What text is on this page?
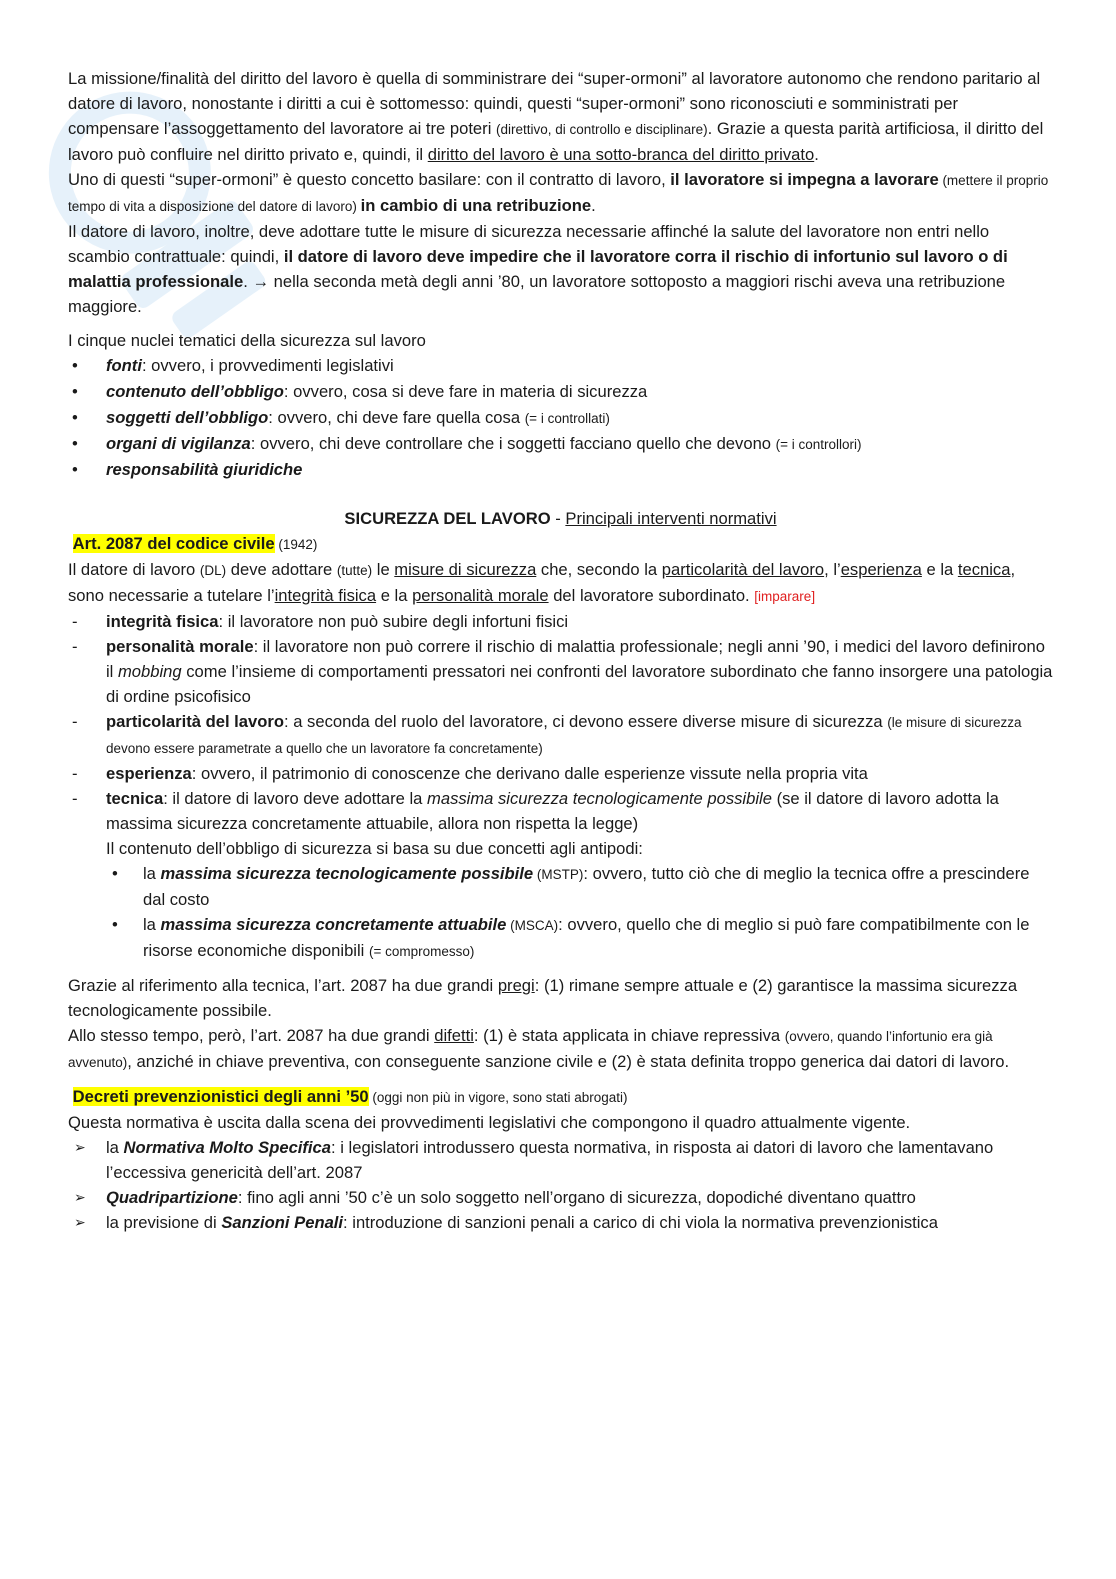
La missione/finalità del diritto del lavoro è quella di somministrare dei “super-ormoni” al lavoratore autonomo che rendono paritario al datore di lavoro, nonostante i diritti a cui è sottomesso: quindi, questi “super-ormoni” sono riconosciuti e somministrati per compensare l’assoggettamento del lavoratore ai tre poteri (direttivo, di controllo e disciplinare). Grazie a questa parità artificiosa, il diritto del lavoro può confluire nel diritto privato e, quindi, il diritto del lavoro è una sotto-branca del diritto privato.

Uno di questi “super-ormoni” è questo concetto basilare: con il contratto di lavoro, il lavoratore si impegna a lavorare (mettere il proprio tempo di vita a disposizione del datore di lavoro) in cambio di una retribuzione.

Il datore di lavoro, inoltre, deve adottare tutte le misure di sicurezza necessarie affinché la salute del lavoratore non entri nello scambio contrattuale: quindi, il datore di lavoro deve impedire che il lavoratore corra il rischio di infortunio sul lavoro o di malattia professionale. → nella seconda metà degli anni ’80, un lavoratore sottoposto a maggiori rischi aveva una retribuzione maggiore.

I cinque nuclei tematici della sicurezza sul lavoro

• fonti: ovvero, i provvedimenti legislativi
• contenuto dell’obbligo: ovvero, cosa si deve fare in materia di sicurezza
• soggetti dell’obbligo: ovvero, chi deve fare quella cosa (= i controllati)
• organi di vigilanza: ovvero, chi deve controllare che i soggetti facciano quello che devono (= i controllori)
• responsabilità giuridiche

SICUREZZA DEL LAVORO - Principali interventi normativi

Art. 2087 del codice civile (1942)

Il datore di lavoro (DL) deve adottare (tutte) le misure di sicurezza che, secondo la particolarità del lavoro, l’esperienza e la tecnica, sono necessarie a tutelare l’integrità fisica e la personalità morale del lavoratore subordinato. [imparare]

- integrità fisica: il lavoratore non può subire degli infortuni fisici
- personalità morale: il lavoratore non può correre il rischio di malattia professionale; negli anni ’90, i medici del lavoro definirono il mobbing come l’insieme di comportamenti pressatori nei confronti del lavoratore subordinato che fanno insorgere una patologia di ordine psicofisico
- particolarità del lavoro: a seconda del ruolo del lavoratore, ci devono essere diverse misure di sicurezza (le misure di sicurezza devono essere parametrate a quello che un lavoratore fa concretamente)
- esperienza: ovvero, il patrimonio di conoscenze che derivano dalle esperienze vissute nella propria vita
- tecnica: il datore di lavoro deve adottare la massima sicurezza tecnologicamente possibile (se il datore di lavoro adotta la massima sicurezza concretamente attuabile, allora non rispetta la legge)

Il contenuto dell’obbligo di sicurezza si basa su due concetti agli antipodi:

• la massima sicurezza tecnologicamente possibile (MSTP): ovvero, tutto ciò che di meglio la tecnica offre a prescindere dal costo
• la massima sicurezza concretamente attuabile (MSCA): ovvero, quello che di meglio si può fare compatibilmente con le risorse economiche disponibili (= compromesso)

Grazie al riferimento alla tecnica, l’art. 2087 ha due grandi pregi: (1) rimane sempre attuale e (2) garantisce la massima sicurezza tecnologicamente possibile.

Allo stesso tempo, però, l’art. 2087 ha due grandi difetti: (1) è stata applicata in chiave repressiva (ovvero, quando l’infortunio era già avvenuto), anziché in chiave preventiva, con conseguente sanzione civile e (2) è stata definita troppo generica dai datori di lavoro.

Decreti prevenzionistici degli anni ’50 (oggi non più in vigore, sono stati abrogati)

Questa normativa è uscita dalla scena dei provvedimenti legislativi che compongono il quadro attualmente vigente.

➢ la Normativa Molto Specifica: i legislatori introdussero questa normativa, in risposta ai datori di lavoro che lamentavano l’eccessiva genericità dell’art. 2087
➢ Quadripartizione: fino agli anni ’50 c’è un solo soggetto nell’organo di sicurezza, dopodiché diventano quattro
➢ la previsione di Sanzioni Penali: introduzione di sanzioni penali a carico di chi viola la normativa prevenzionistica
